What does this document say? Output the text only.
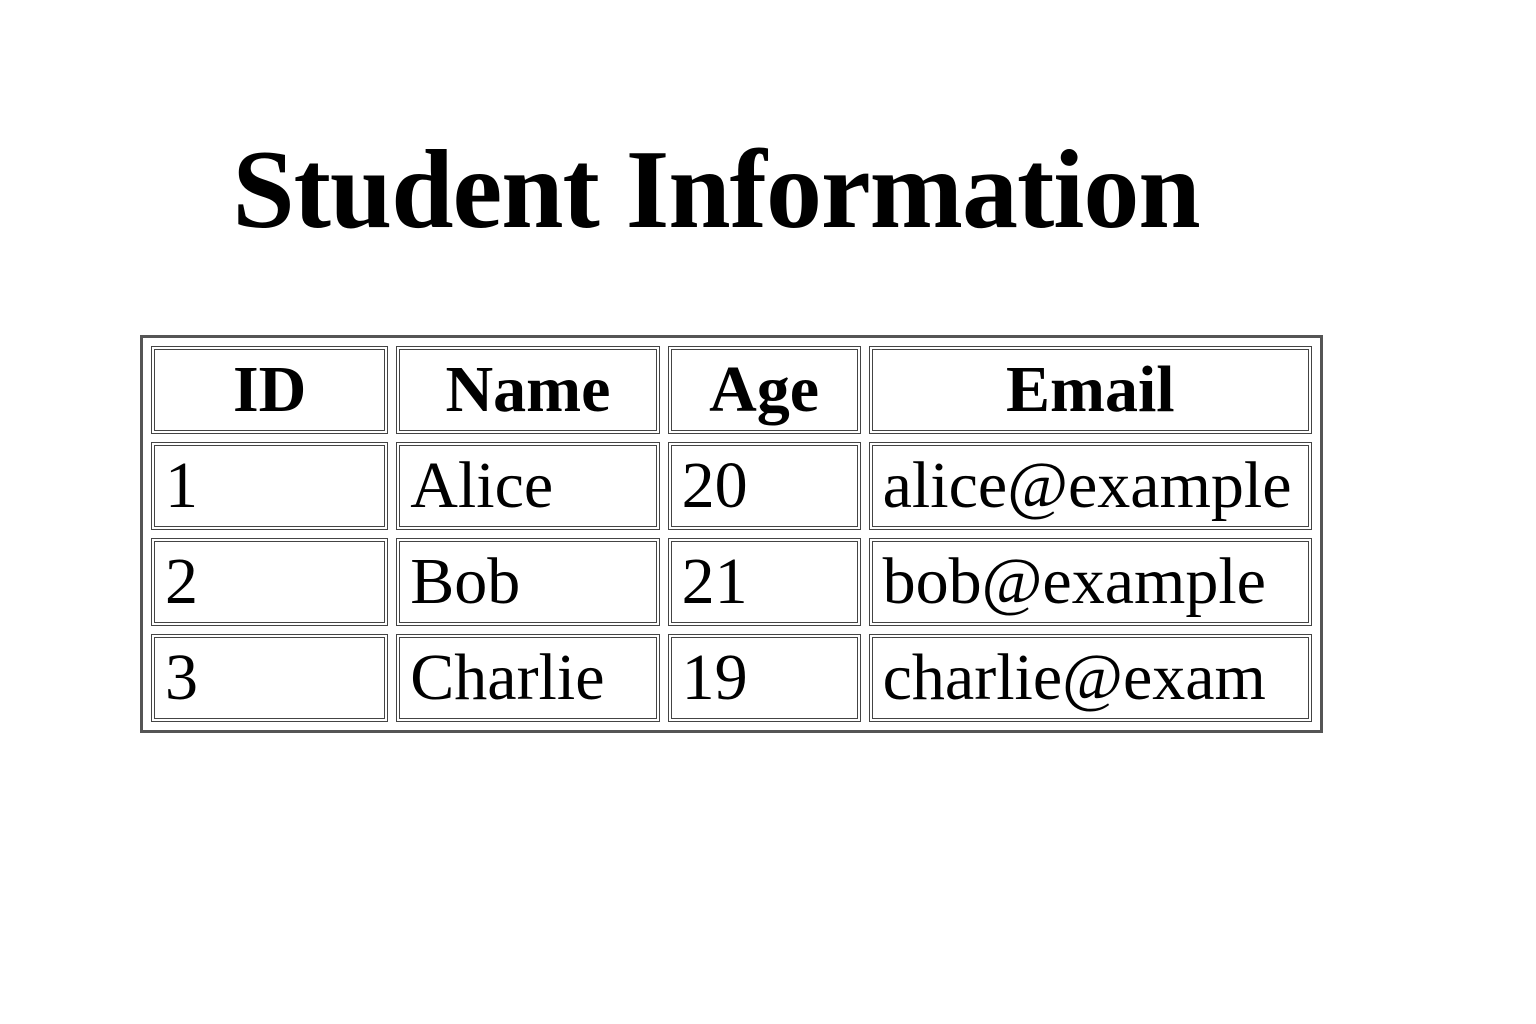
Student Information
ID	Name	Age	Email
1	Alice	20	alice@example
2	Bob	21	bob@example
3	Charlie	19	charlie@exam
